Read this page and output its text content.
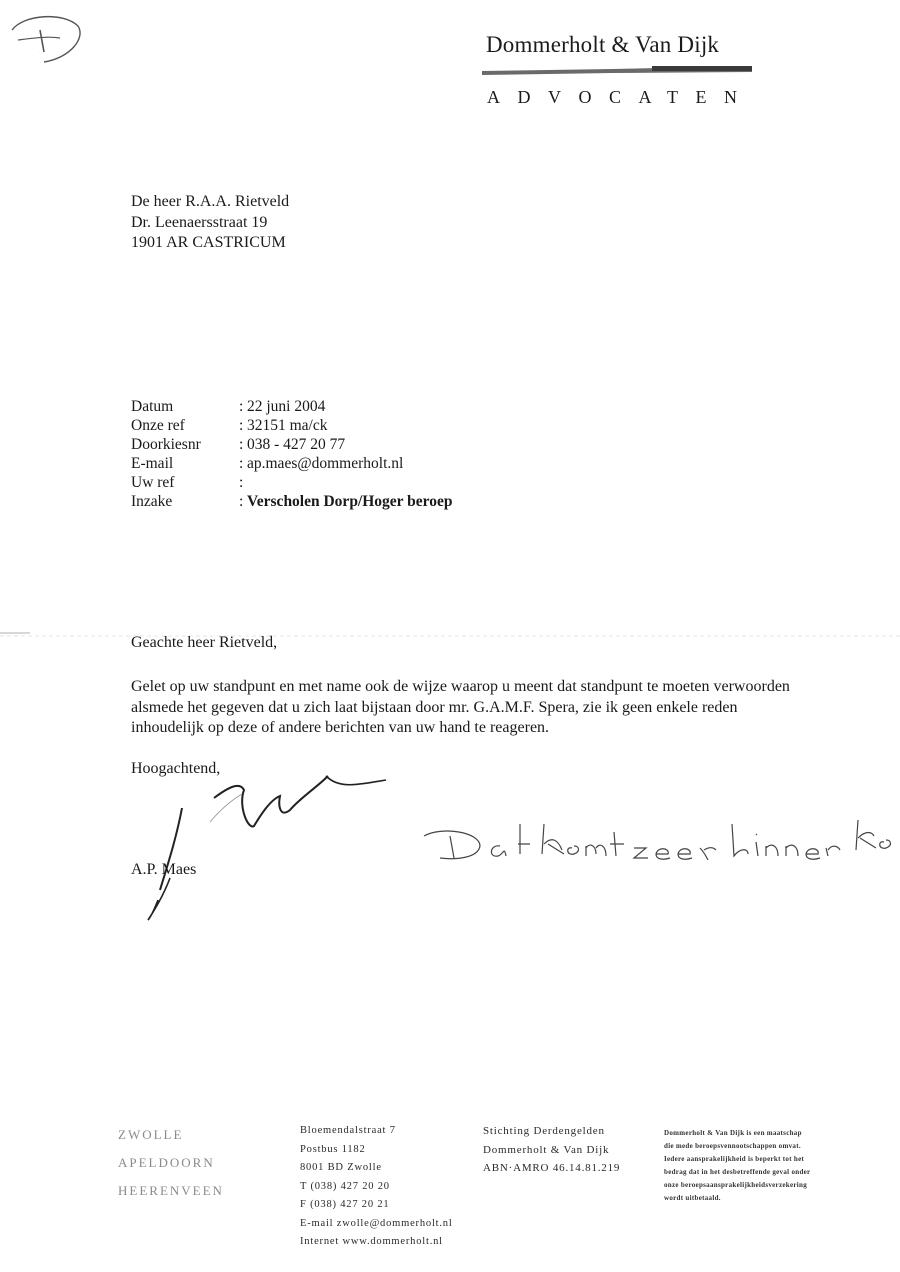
1	Dommerholt & Van Dijk
ADVOCATEN
De heer R.A.A. Rietveld
Dr. Leenaersstraat 19
1901 AR CASTRICUM
Datum	: 22 juni 2004
Onze ref	: 32151 ma/ck
Doorkiesnr	: 038 - 427 20 77
E-mail	: ap.maes@dommerholt.nl
Uw ref	:
Inzake	: Verscholen Dorp/Hoger beroep
Geachte heer Rietveld,
Gelet op uw standpunt en met name ook de wijze waarop u meent dat standpunt te moeten verwoorden alsmede het gegeven dat u zich laat bijstaan door mr. G.A.M.F. Spera, zie ik geen enkele reden inhoudelijk op deze of andere berichten van uw hand te reageren.
Hoogachtend,
A.P. Maes
Dat komt zeer binnen kort.
ZWOLLE
APELDOORN
HEERENVEEN
Bloemendalstraat 7
Postbus 1182
8001 BD Zwolle
T (038) 427 20 20
F (038) 427 20 21
E-mail zwolle@dommerholt.nl
Internet www.dommerholt.nl
Stichting Derdengelden
Dommerholt & Van Dijk
ABN·AMRO 46.14.81.219
Dommerholt & Van Dijk is een maatschap
die mede beroepsvennootschappen omvat.
Iedere aansprakelijkheid is beperkt tot het
bedrag dat in het desbetreffende geval onder
onze beroepsaansprakelijkheidsverzekering
wordt uitbetaald.
